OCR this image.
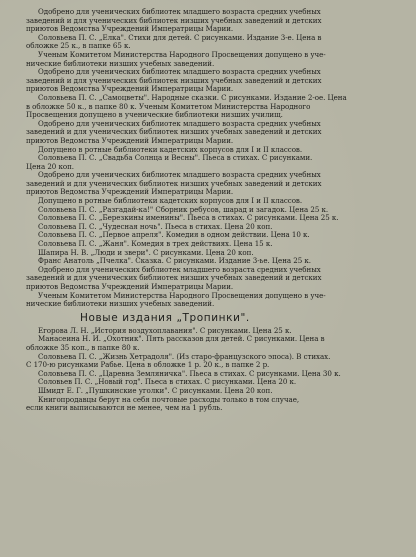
Одобрено для ученических библиотек младшего возраста средних учебных
заведений и для ученических библиотек низших учебных заведений и детских
приютов Ведомства Учреждений Императрицы Марии.
Соловьева П. С. „Елка". Стихи для детей. С рисунками. Издание 3-е. Цена в
обложке 25 к., в папке 65 к.
Ученым Комитетом Министерства Народного Просвещения допущено в уче-
нические библиотеки низших учебных заведений.
Одобрено для ученических библиотек младшего возраста средних учебных
заведений и для ученических библиотек низших учебных заведений и детских
приютов Ведомства Учреждений Императрицы Марии.
Соловьева П. С. „Самоцветы". Народные сказки. С рисунками. Издание 2-ое. Цена
в обложке 50 к., в папке 80 к. Ученым Комитетом Министерства Народного
Просвещения допущено в ученические библиотеки низших училищ.
Одобрено для ученических библиотек младшего возраста средних учебных
заведений и для ученических библиотек низших учебных заведений и детских
приютов Ведомства Учреждений Императрицы Марии.
Допущено в ротные библиотеки кадетских корпусов для I и II классов.
Соловьева П. С. „Свадьба Солнца и Весны". Пьеса в стихах. С рисунками.
Цена 20 коп.
Одобрено для ученических библиотек младшего возраста средних учебных
заведений и для ученических библиотек низших учебных заведений и детских
приютов Ведомства Учреждений Императрицы Марии.
Допущено в ротные библиотеки кадетских корпусов для I и II классов.
Соловьева П. С. „Разгадай-ка!" Сборник ребусов, шарад и загадок. Цена 25 к.
Соловьева П. С. „Березкины именины". Пьеса в стихах. С рисунками. Цена 25 к.
Соловьева П. С. „Чудесная ночь". Пьеса в стихах. Цена 20 коп.
Соловьева П. С. „Первое апреля". Комедия в одном действии. Цена 10 к.
Соловьева П. С. „Жаня". Комедия в трех действиях. Цена 15 к.
Шапира Н. В. „Люди и звери". С рисунками. Цена 20 коп.
Франс Анатоль „Пчелка". Сказка. С рисунками. Издание 3-ье. Цена 25 к.
Одобрено для ученических библиотек младшего возраста средних учебных
заведений и для ученических библиотек низших учебных заведений и детских
приютов Ведомства Учреждений Императрицы Марии.
Ученым Комитетом Министерства Народного Просвещения допущено в уче-
нические библиотеки низших учебных заведений.
Новые издания „Тропинки".
Егорова Л. Н. „История воздухоплавания". С рисунками. Цена 25 к.
Манасеина Н. И. „Охотник". Пять рассказов для детей. С рисунками. Цена в
обложке 35 коп., в папке 80 к.
Соловьева П. С. „Жизнь Хетрадоля". (Из старо-французского эпоса). В стихах.
С 170-ю рисунками Рабье. Цена в обложке 1 р. 20 к., в папке 2 р.
Соловьева П. С. „Царевна Земляничка". Пьеса в стихах. С рисунками. Цена 30 к.
Соловьев П. С. „Новый год". Пьеса в стихах. С рисунками. Цена 20 к.
Шмидт Е. Г. „Пушкинские уголки". С рисунками. Цена 20 коп.
Книгопродавцы берут на себя почтовые расходы только в том случае,
если книги выписываются не менее, чем на 1 рубль.
